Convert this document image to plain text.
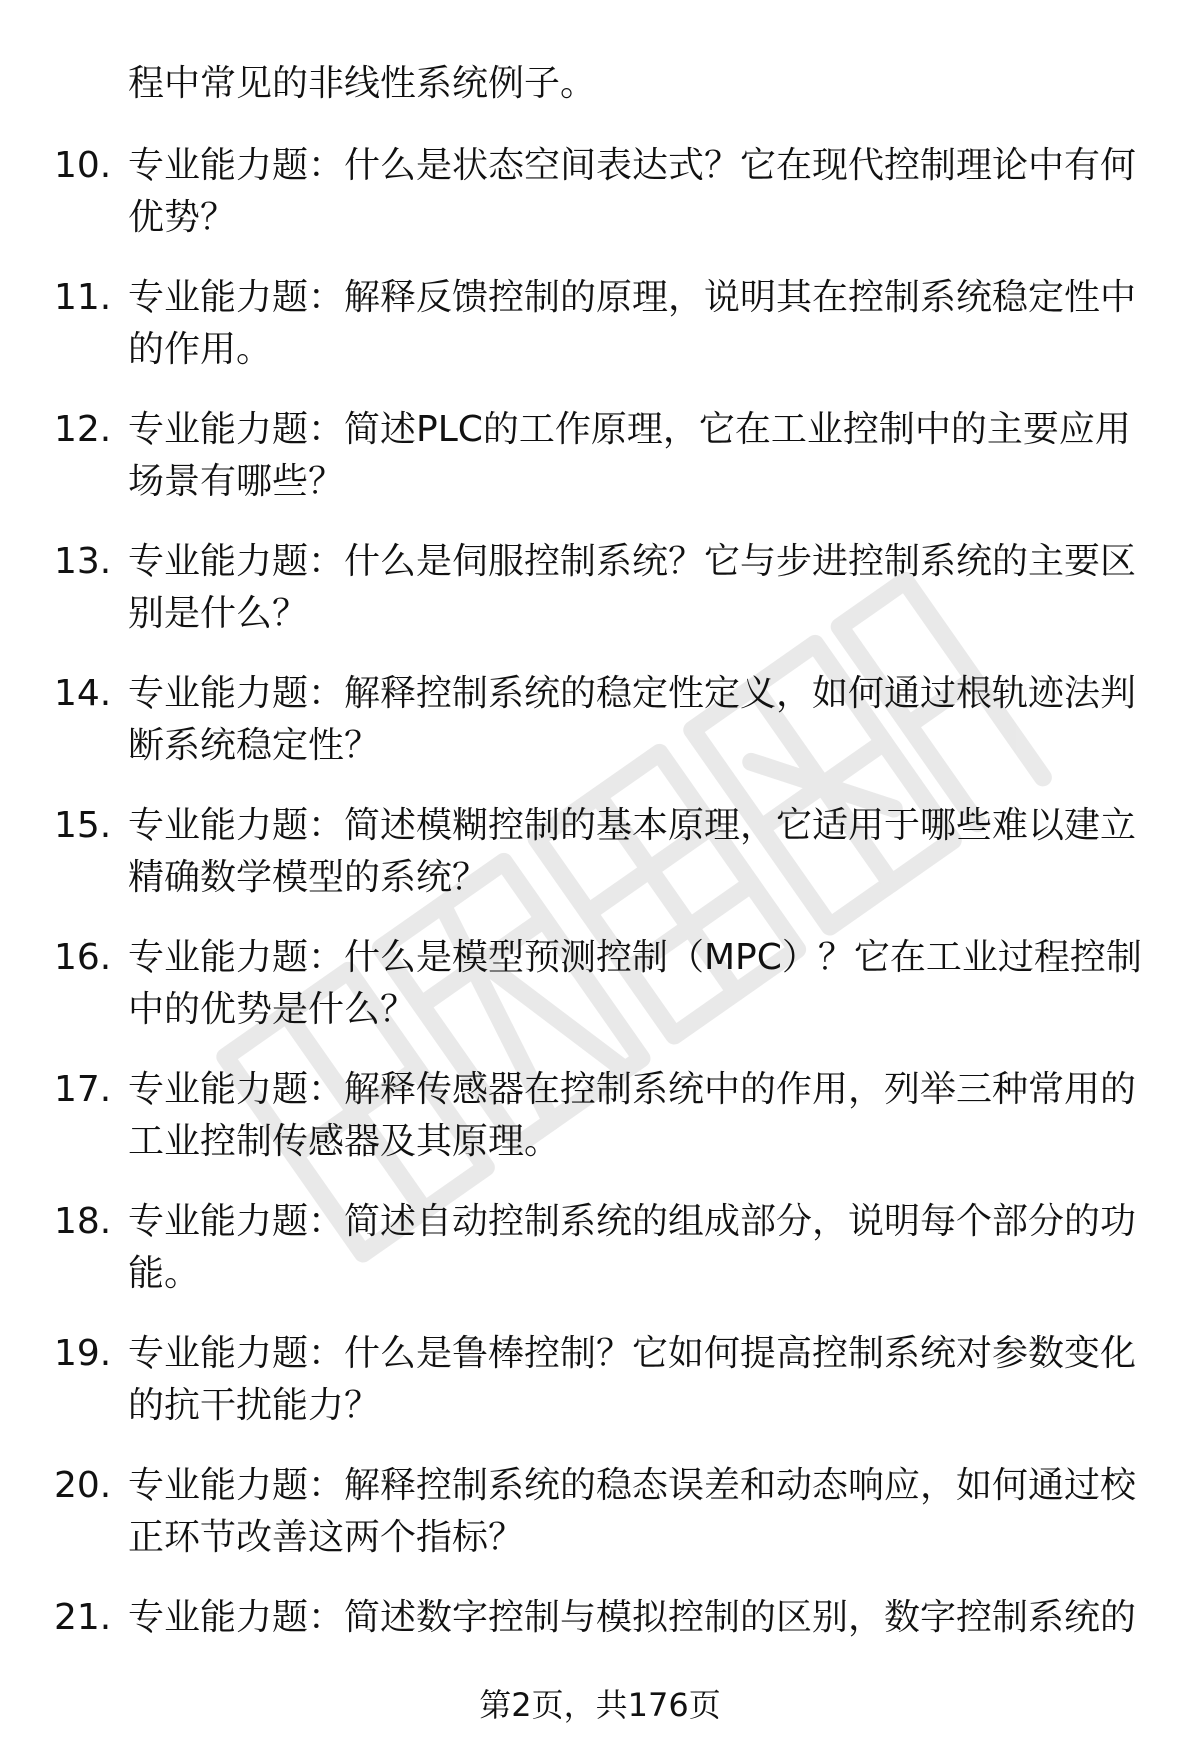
程中常见的非线性系统例子。
10. 专业能力题：什么是状态空间表达式？它在现代控制理论中有何
优势？
11. 专业能力题：解释反馈控制的原理，说明其在控制系统稳定性中
的作用。
12. 专业能力题：简述PLC的工作原理，它在工业控制中的主要应用
场景有哪些？
13. 专业能力题：什么是伺服控制系统？它与步进控制系统的主要区
别是什么？
14. 专业能力题：解释控制系统的稳定性定义，如何通过根轨迹法判
断系统稳定性？
15. 专业能力题：简述模糊控制的基本原理，它适用于哪些难以建立
精确数学模型的系统？
16. 专业能力题：什么是模型预测控制（MPC）？它在工业过程控制
中的优势是什么？
17. 专业能力题：解释传感器在控制系统中的作用，列举三种常用的
工业控制传感器及其原理。
18. 专业能力题：简述自动控制系统的组成部分，说明每个部分的功
能。
19. 专业能力题：什么是鲁棒控制？它如何提高控制系统对参数变化
的抗干扰能力？
20. 专业能力题：解释控制系统的稳态误差和动态响应，如何通过校
正环节改善这两个指标？
21. 专业能力题：简述数字控制与模拟控制的区别，数字控制系统的
第2页，共176页
